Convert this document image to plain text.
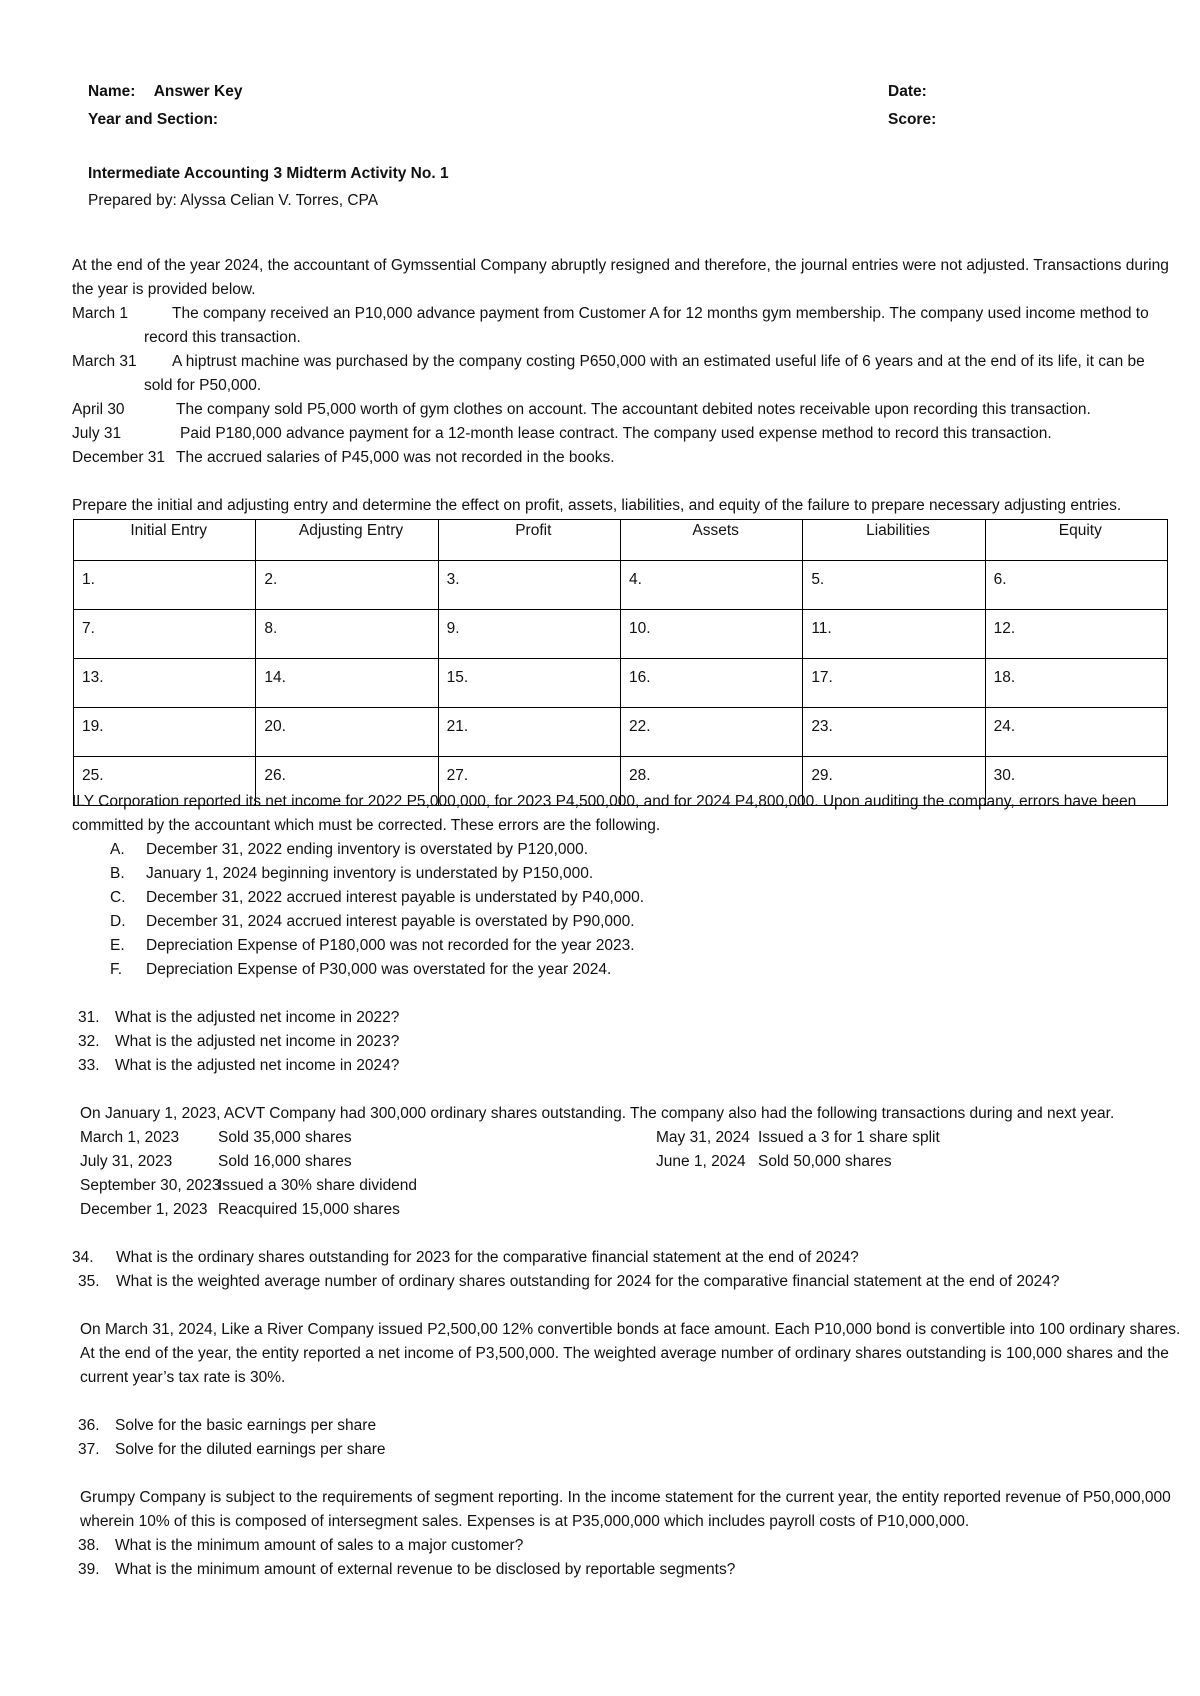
Name: Answer Key
Year and Section:
Date:
Score:
Intermediate Accounting 3 Midterm Activity No. 1
Prepared by: Alyssa Celian V. Torres, CPA
At the end of the year 2024, the accountant of Gymssential Company abruptly resigned and therefore, the journal entries were not adjusted. Transactions during
the year is provided below.
March 1	The company received an P10,000 advance payment from Customer A for 12 months gym membership. The company used income method to
record this transaction.
March 31 A hiptrust machine was purchased by the company costing P650,000 with an estimated useful life of 6 years and at the end of its life, it can be
sold for P50,000.
April 30	The company sold P5,000 worth of gym clothes on account. The accountant debited notes receivable upon recording this transaction.
July 31	Paid P180,000 advance payment for a 12-month lease contract. The company used expense method to record this transaction.
December 31 The accrued salaries of P45,000 was not recorded in the books.
Prepare the initial and adjusting entry and determine the effect on profit, assets, liabilities, and equity of the failure to prepare necessary adjusting entries.
Initial Entry	Adjusting Entry	Profit	Assets	Liabilities	Equity
1.	2.	3.	4.	5.	6.
7.	8.	9.	10.	11.	12.
13.	14.	15.	16.	17.	18.
19.	20.	21.	22.	23.	24.
25.	26.	27.	28.	29.	30.
ILY Corporation reported its net income for 2022 P5,000,000, for 2023 P4,500,000, and for 2024 P4,800,000. Upon auditing the company, errors have been
committed by the accountant which must be corrected. These errors are the following.
A. December 31, 2022 ending inventory is overstated by P120,000.
B. January 1, 2024 beginning inventory is understated by P150,000.
C. December 31, 2022 accrued interest payable is understated by P40,000.
D. December 31, 2024 accrued interest payable is overstated by P90,000.
E. Depreciation Expense of P180,000 was not recorded for the year 2023.
F. Depreciation Expense of P30,000 was overstated for the year 2024.
31. What is the adjusted net income in 2022?
32. What is the adjusted net income in 2023?
33. What is the adjusted net income in 2024?
On January 1, 2023, ACVT Company had 300,000 ordinary shares outstanding. The company also had the following transactions during and next year.
March 1, 2023	Sold 35,000 shares
July 31, 2023	Sold 16,000 shares
September 30, 2023Issued a 30% share dividend
December 1, 2023 Reacquired 15,000 shares
May 31, 2024 Issued a 3 for 1 share split
June 1, 2024 Sold 50,000 shares
34. What is the ordinary shares outstanding for 2023 for the comparative financial statement at the end of 2024?
35. What is the weighted average number of ordinary shares outstanding for 2024 for the comparative financial statement at the end of 2024?
On March 31, 2024, Like a River Company issued P2,500,00 12% convertible bonds at face amount. Each P10,000 bond is convertible into 100 ordinary shares.
At the end of the year, the entity reported a net income of P3,500,000. The weighted average number of ordinary shares outstanding is 100,000 shares and the
current year’s tax rate is 30%.
36. Solve for the basic earnings per share
37. Solve for the diluted earnings per share
Grumpy Company is subject to the requirements of segment reporting. In the income statement for the current year, the entity reported revenue of P50,000,000
wherein 10% of this is composed of intersegment sales. Expenses is at P35,000,000 which includes payroll costs of P10,000,000.
38. What is the minimum amount of sales to a major customer?
39. What is the minimum amount of external revenue to be disclosed by reportable segments?
